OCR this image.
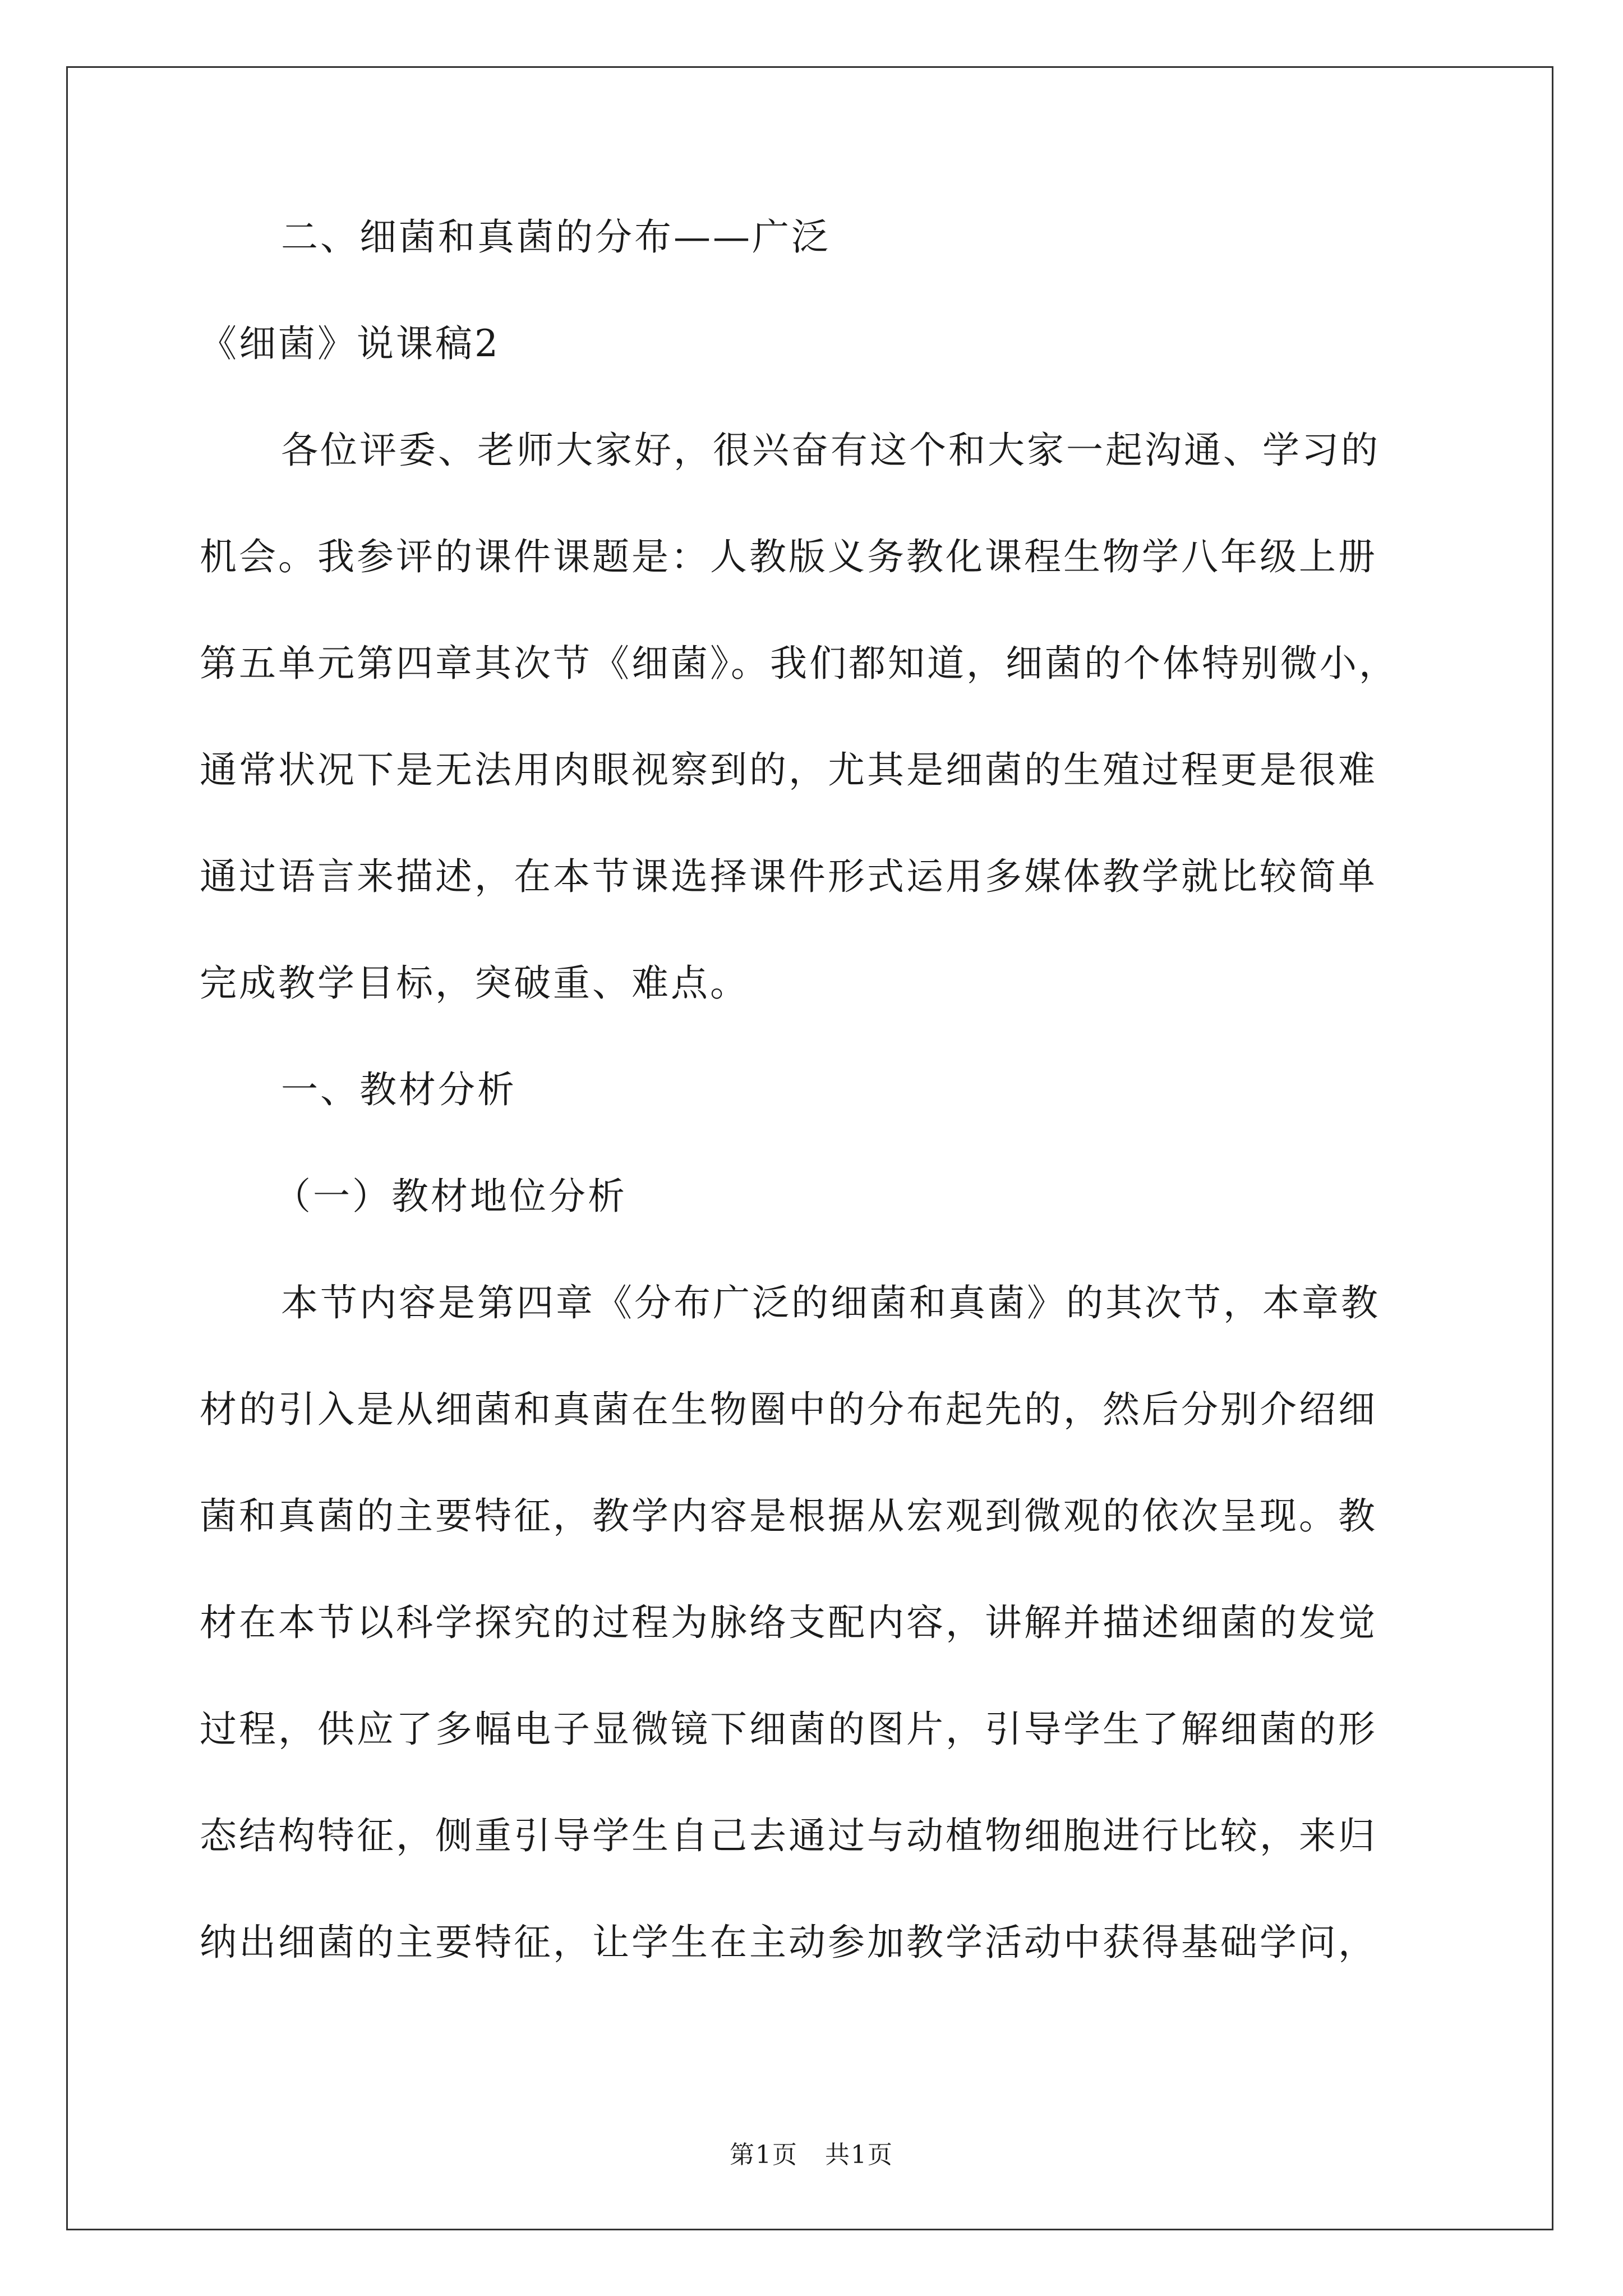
二、细菌和真菌的分布——广泛
《细菌》说课稿2
各位评委、老师大家好，很兴奋有这个和大家一起沟通、学习的
机会。我参评的课件课题是：人教版义务教化课程生物学八年级上册
第五单元第四章其次节《细菌》。我们都知道，细菌的个体特别微小，
通常状况下是无法用肉眼视察到的，尤其是细菌的生殖过程更是很难
通过语言来描述，在本节课选择课件形式运用多媒体教学就比较简单
完成教学目标，突破重、难点。
一、教材分析
（一）教材地位分析
本节内容是第四章《分布广泛的细菌和真菌》的其次节，本章教
材的引入是从细菌和真菌在生物圈中的分布起先的，然后分别介绍细
菌和真菌的主要特征，教学内容是根据从宏观到微观的依次呈现。教
材在本节以科学探究的过程为脉络支配内容，讲解并描述细菌的发觉
过程，供应了多幅电子显微镜下细菌的图片，引导学生了解细菌的形
态结构特征，侧重引导学生自己去通过与动植物细胞进行比较，来归
纳出细菌的主要特征，让学生在主动参加教学活动中获得基础学问，
第1页 共1页
